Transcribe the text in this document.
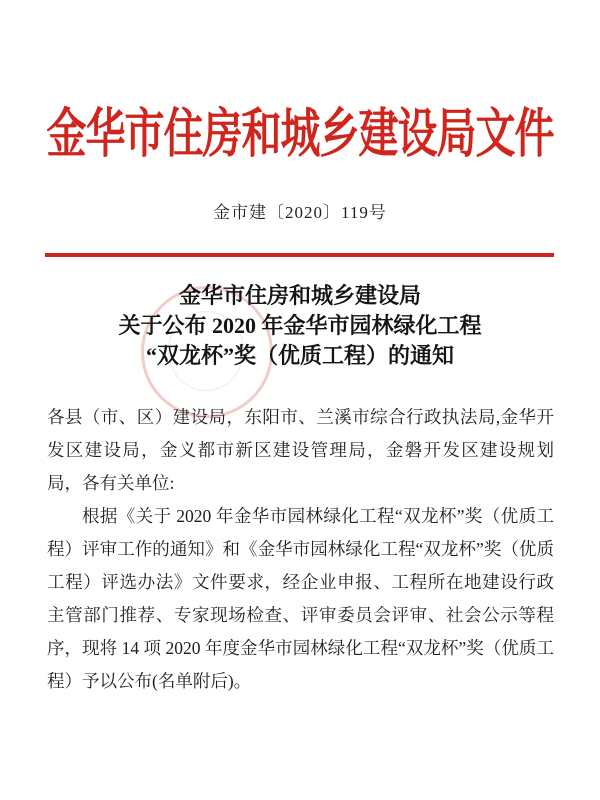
金华市住房和城乡建设局文件
金市建〔2020〕119号
金华市住房和城乡建设局
关于公布 2020 年金华市园林绿化工程
“双龙杯”奖（优质工程）的通知

各县（市、区）建设局，东阳市、兰溪市综合行政执法局,金华开发区建设局，金义都市新区建设管理局，金磐开发区建设规划局，各有关单位:

根据《关于 2020 年金华市园林绿化工程“双龙杯”奖（优质工程）评审工作的通知》和《金华市园林绿化工程“双龙杯”奖（优质工程）评选办法》文件要求，经企业申报、工程所在地建设行政主管部门推荐、专家现场检查、评审委员会评审、社会公示等程序，现将 14 项 2020 年度金华市园林绿化工程“双龙杯”奖（优质工程）予以公布(名单附后)。
